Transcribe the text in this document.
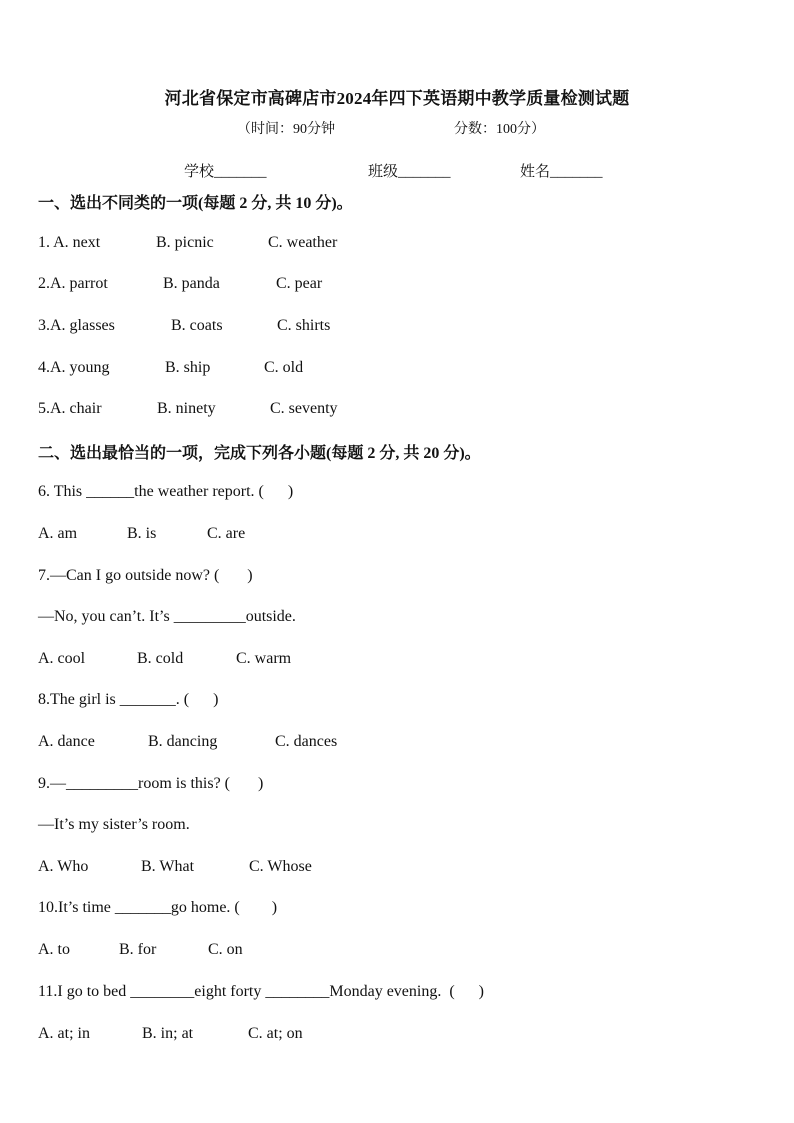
河北省保定市高碑店市2024年四下英语期中教学质量检测试题
（时间：90分钟	分数：100分）
学校_______	班级_______	姓名_______
一、选出不同类的一项(每题 2 分, 共 10 分)。
1. A. next	B. picnic	C. weather
2.A. parrot	B. panda	C. pear
3.A. glasses	B. coats	C. shirts
4.A. young	B. ship	C. old
5.A. chair	B. ninety	C. seventy
二、选出最恰当的一项，完成下列各小题(每题 2 分, 共 20 分)。
6. This ______the weather report. (      )
A. am	B. is	C. are
7.—Can I go outside now? (       )
—No, you can’t. It’s _________outside.
A. cool	B. cold	C. warm
8.The girl is _______. (      )
A. dance	B. dancing	C. dances
9.—_________room is this? (       )
—It’s my sister’s room.
A. Who	B. What	C. Whose
10.It’s time _______go home. (        )
A. to	B. for	C. on
11.I go to bed ________eight forty ________Monday evening.  (      )
A. at; in	B. in; at	C. at; on
